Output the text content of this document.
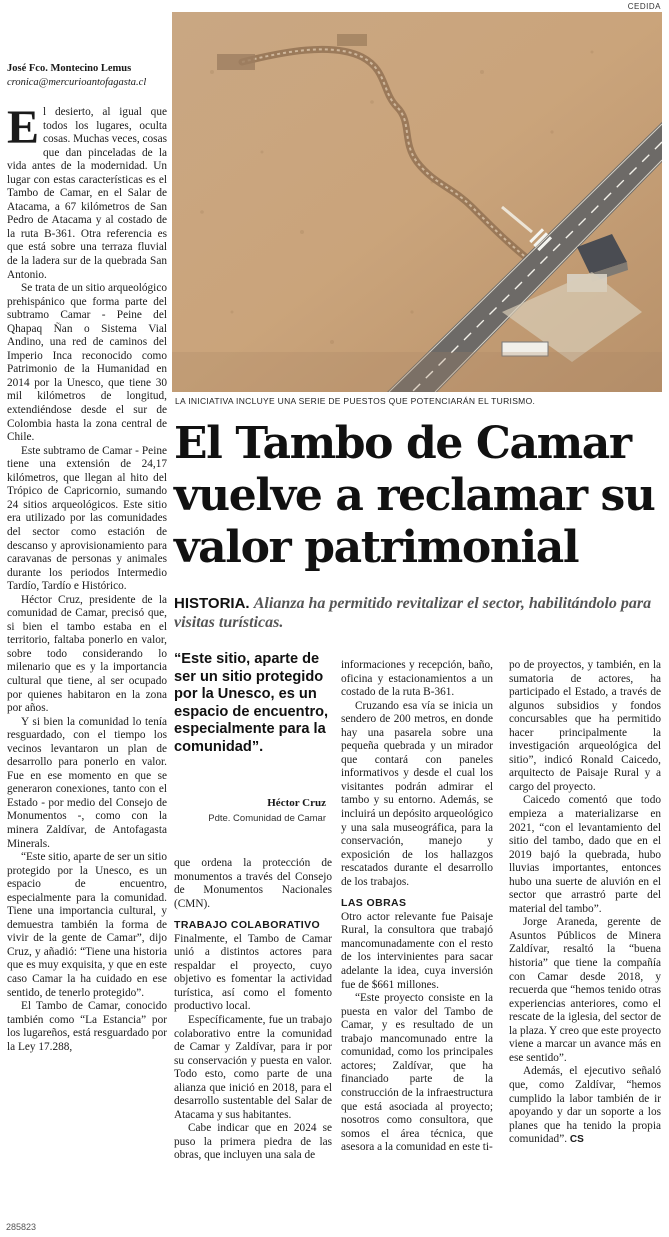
CEDIDA
LA INICIATIVA INCLUYE UNA SERIE DE PUESTOS QUE POTENCIARÁN EL TURISMO.
José Fco. Montecino Lemus
cronica@mercurioantofagasta.cl

El desierto, al igual que todos los lugares, oculta cosas. Muchas veces, cosas que dan pinceladas de la vida antes de la modernidad. Un lugar con estas características es el Tambo de Camar, en el Salar de Atacama, a 67 kilómetros de San Pedro de Atacama y al costado de la ruta B-361. Otra referencia es que está sobre una terraza fluvial de la ladera sur de la quebrada San Antonio.

Se trata de un sitio arqueológico prehispánico que forma parte del subtramo Camar - Peine del Qhapaq Ñan o Sistema Vial Andino, una red de caminos del Imperio Inca reconocido como Patrimonio de la Humanidad en 2014 por la Unesco, que tiene 30 mil kilómetros de longitud, extendiéndose desde el sur de Colombia hasta la zona central de Chile.

Este subtramo de Camar - Peine tiene una extensión de 24,17 kilómetros, que llegan al hito del Trópico de Capricornio, sumando 24 sitios arqueológicos. Este sitio era utilizado por las comunidades del sector como estación de descanso y aprovisionamiento para caravanas de personas y animales durante los periodos Intermedio Tardío, Tardío e Histórico.

Héctor Cruz, presidente de la comunidad de Camar, precisó que, si bien el tambo estaba en el territorio, faltaba ponerlo en valor, sobre todo considerando lo milenario que es y la importancia cultural que tiene, al ser ocupado por quienes habitaron en la zona por años.

Y si bien la comunidad lo tenía resguardado, con el tiempo los vecinos levantaron un plan de desarrollo para ponerlo en valor. Fue en ese momento en que se generaron conexiones, tanto con el Estado - por medio del Consejo de Monumentos -, como con la minera Zaldívar, de Antofagasta Minerals.

“Este sitio, aparte de ser un sitio protegido por la Unesco, es un espacio de encuentro, especialmente para la comunidad. Tiene una importancia cultural, y demuestra también la forma de vivir de la gente de Camar”, dijo Cruz, y añadió: “Tiene una historia que es muy exquisita, y que en este caso Camar la ha cuidado en ese sentido, de tenerlo protegido”.

El Tambo de Camar, conocido también como “La Estancia” por los lugareños, está resguardado por la Ley 17.288,

El Tambo de Camar vuelve a reclamar su valor patrimonial
HISTORIA. Alianza ha permitido revitalizar el sector, habilitándolo para visitas turísticas.
“Este sitio, aparte de ser un sitio protegido por la Unesco, es un espacio de encuentro, especialmente para la comunidad”.
Héctor Cruz
Pdte. Comunidad de Camar

que ordena la protección de monumentos a través del Consejo de Monumentos Nacionales (CMN).

TRABAJO COLABORATIVO

Finalmente, el Tambo de Camar unió a distintos actores para respaldar el proyecto, cuyo objetivo es fomentar la actividad turística, así como el fomento productivo local.

Específicamente, fue un trabajo colaborativo entre la comunidad de Camar y Zaldívar, para ir por su conservación y puesta en valor. Todo esto, como parte de una alianza que inició en 2018, para el desarrollo sustentable del Salar de Atacama y sus habitantes.

Cabe indicar que en 2024 se puso la primera piedra de las obras, que incluyen una sala de

informaciones y recepción, baño, oficina y estacionamientos a un costado de la ruta B-361.

Cruzando esa vía se inicia un sendero de 200 metros, en donde hay una pasarela sobre una pequeña quebrada y un mirador que contará con paneles informativos y desde el cual los visitantes podrán admirar el tambo y su entorno. Además, se incluirá un depósito arqueológico y una sala museográfica, para la conservación, manejo y exposición de los hallazgos rescatados durante el desarrollo de los trabajos.

LAS OBRAS

Otro actor relevante fue Paisaje Rural, la consultora que trabajó mancomunadamente con el resto de los intervinientes para sacar adelante la idea, cuya inversión fue de $661 millones.

“Este proyecto consiste en la puesta en valor del Tambo de Camar, y es resultado de un trabajo mancomunado entre la comunidad, como los principales actores; Zaldívar, que ha financiado parte de la construcción de la infraestructura que está asociada al proyecto; nosotros como consultora, que somos el área técnica, que asesora a la comunidad en este ti-

po de proyectos, y también, en la sumatoria de actores, ha participado el Estado, a través de algunos subsidios y fondos concursables que ha permitido hacer principalmente la investigación arqueológica del sitio”, indicó Ronald Caicedo, arquitecto de Paisaje Rural y a cargo del proyecto.

Caicedo comentó que todo empieza a materializarse en 2021, “con el levantamiento del sitio del tambo, dado que en el 2019 bajó la quebrada, hubo lluvias importantes, entonces hubo una suerte de aluvión en el sector que arrastró parte del material del tambo”.

Jorge Araneda, gerente de Asuntos Públicos de Minera Zaldívar, resaltó la “buena historia” que tiene la compañía con Camar desde 2018, y recuerda que “hemos tenido otras experiencias anteriores, como el rescate de la iglesia, del sector de la plaza. Y creo que este proyecto viene a marcar un avance más en ese sentido”.

Además, el ejecutivo señaló que, como Zaldívar, “hemos cumplido la labor también de ir apoyando y dar un soporte a los planes que ha tenido la propia comunidad”. CS

285823
